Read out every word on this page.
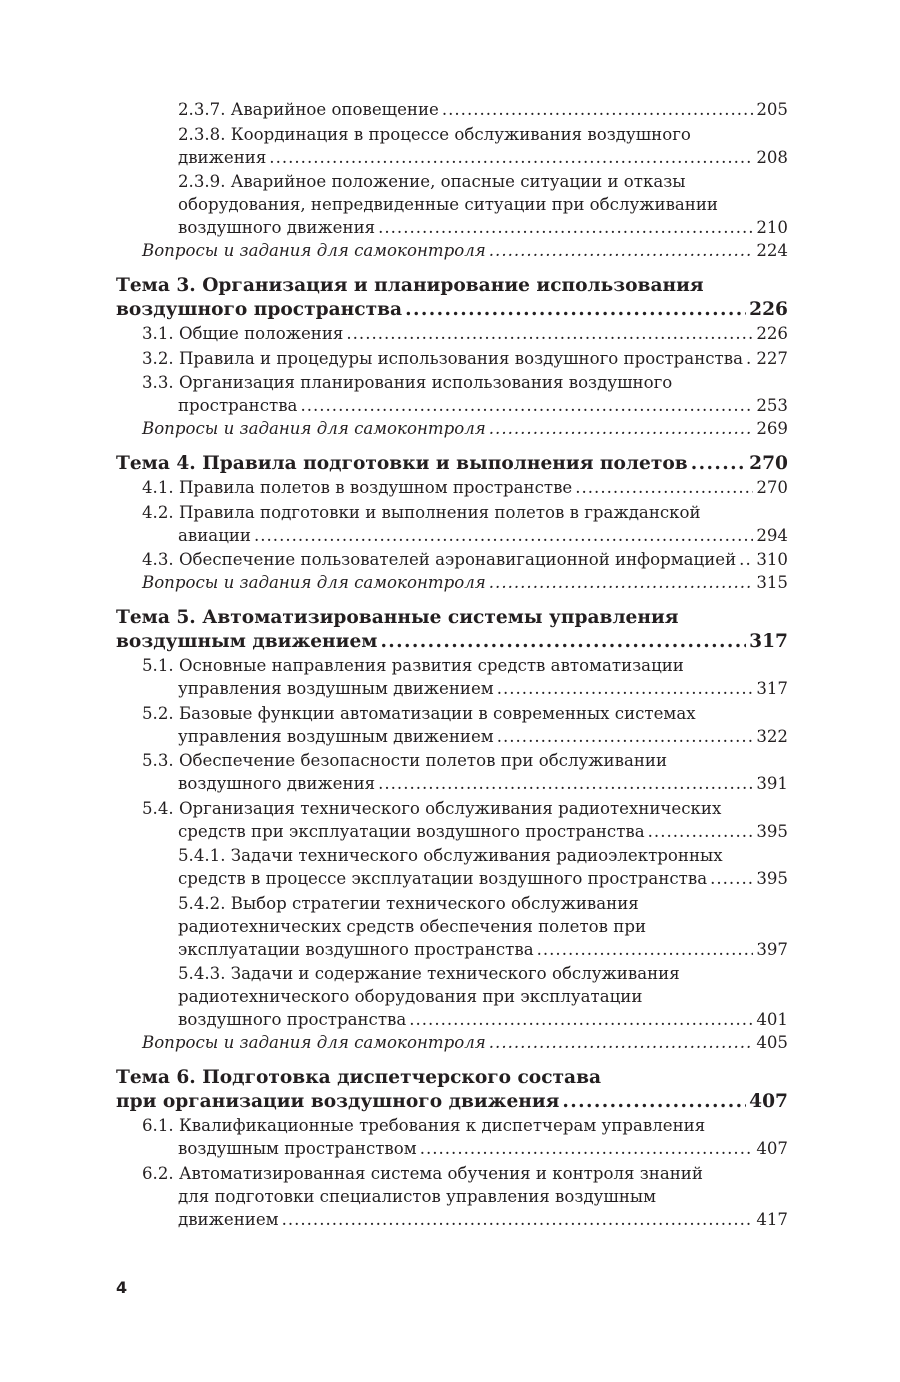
2.3.7. Аварийное оповещение .....	205
2.3.8. Координация в процессе обслуживания воздушного
движения .....	208
2.3.9. Аварийное положение, опасные ситуации и отказы
оборудования, непредвиденные ситуации при обслуживании
воздушного движения .....	210
Вопросы и задания для самоконтроля .....	224
Тема 3. Организация и планирование использования
воздушного пространства .....	226
3.1. Общие положения .....	226
3.2. Правила и процедуры использования воздушного пространства ..... 227
3.3. Организация планирования использования воздушного
пространства .....	253
Вопросы и задания для самоконтроля .....	269
Тема 4. Правила подготовки и выполнения полетов .....	270
4.1. Правила полетов в воздушном пространстве .....	270
4.2. Правила подготовки и выполнения полетов в гражданской
авиации .....	294
4.3. Обеспечение пользователей аэронавигационной информацией ..... 310
Вопросы и задания для самоконтроля .....	315
Тема 5. Автоматизированные системы управления
воздушным движением .....	317
5.1. Основные направления развития средств автоматизации
управления воздушным движением .....	317
5.2. Базовые функции автоматизации в современных системах
управления воздушным движением .....	322
5.3. Обеспечение безопасности полетов при обслуживании
воздушного движения .....	391
5.4. Организация технического обслуживания радиотехнических
средств при эксплуатации воздушного пространства .....	395
5.4.1. Задачи технического обслуживания радиоэлектронных
средств в процессе эксплуатации воздушного пространства .....	395
5.4.2. Выбор стратегии технического обслуживания
радиотехнических средств обеспечения полетов при
эксплуатации воздушного пространства .....	397
5.4.3. Задачи и содержание технического обслуживания
радиотехнического оборудования при эксплуатации
воздушного пространства .....	401
Вопросы и задания для самоконтроля .....	405
Тема 6. Подготовка диспетчерского состава
при организации воздушного движения .....	407
6.1. Квалификационные требования к диспетчерам управления
воздушным пространством .....	407
6.2. Автоматизированная система обучения и контроля знаний
для подготовки специалистов управления воздушным
движением .....	417
4
